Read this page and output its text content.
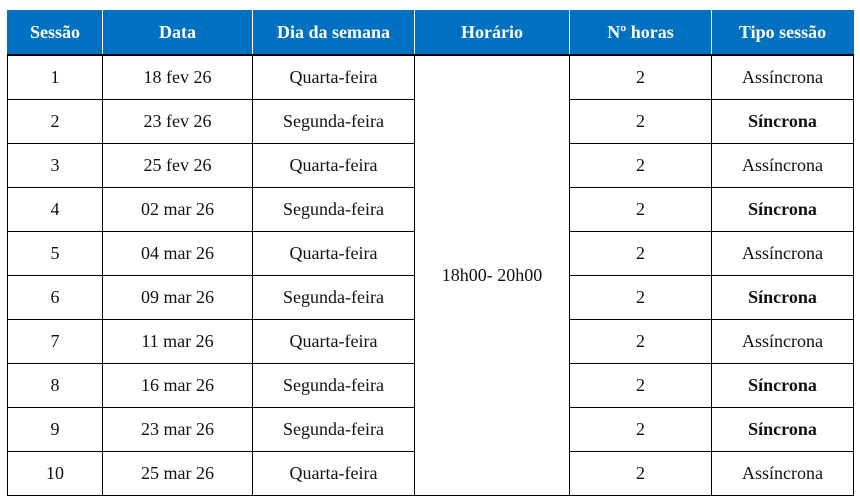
Sessão	Data	Dia da semana	Horário	Nº horas	Tipo sessão
1	18 fev 26	Quarta-feira	18h00- 20h00	2	Assíncrona
2	23 fev 26	Segunda-feira		2	Síncrona
3	25 fev 26	Quarta-feira		2	Assíncrona
4	02 mar 26	Segunda-feira		2	Síncrona
5	04 mar 26	Quarta-feira		2	Assíncrona
6	09 mar 26	Segunda-feira		2	Síncrona
7	11 mar 26	Quarta-feira		2	Assíncrona
8	16 mar 26	Segunda-feira		2	Síncrona
9	23 mar 26	Segunda-feira		2	Síncrona
10	25 mar 26	Quarta-feira		2	Assíncrona
